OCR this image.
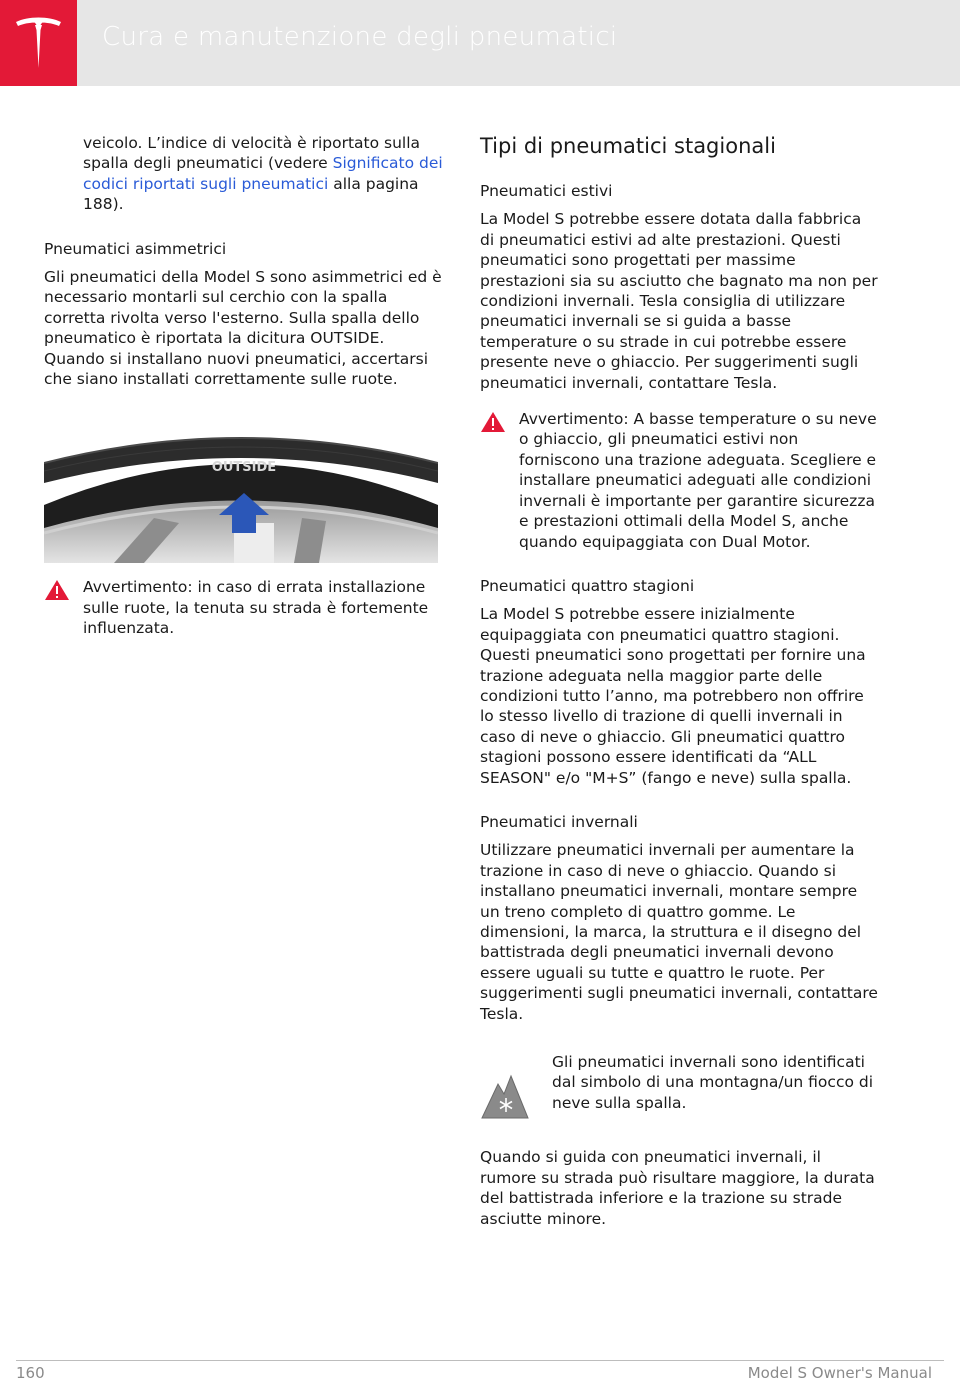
Cura e manutenzione degli pneumatici

veicolo. L’indice di velocità è riportato sulla spalla degli pneumatici (vedere Significato dei codici riportati sugli pneumatici alla pagina 188).

Pneumatici asimmetrici

Gli pneumatici della Model S sono asimmetrici ed è necessario montarli sul cerchio con la spalla corretta rivolta verso l'esterno. Sulla spalla dello pneumatico è riportata la dicitura OUTSIDE. Quando si installano nuovi pneumatici, accertarsi che siano installati correttamente sulle ruote.

OUTSIDE
Avvertimento: in caso di errata installazione sulle ruote, la tenuta su strada è fortemente influenzata.

Tipi di pneumatici stagionali

Pneumatici estivi

La Model S potrebbe essere dotata dalla fabbrica di pneumatici estivi ad alte prestazioni. Questi pneumatici sono progettati per massime prestazioni sia su asciutto che bagnato ma non per condizioni invernali. Tesla consiglia di utilizzare pneumatici invernali se si guida a basse temperature o su strade in cui potrebbe essere presente neve o ghiaccio. Per suggerimenti sugli pneumatici invernali, contattare Tesla.

Avvertimento: A basse temperature o su neve o ghiaccio, gli pneumatici estivi non forniscono una trazione adeguata. Scegliere e installare pneumatici adeguati alle condizioni invernali è importante per garantire sicurezza e prestazioni ottimali della Model S, anche quando equipaggiata con Dual Motor.

Pneumatici quattro stagioni

La Model S potrebbe essere inizialmente equipaggiata con pneumatici quattro stagioni. Questi pneumatici sono progettati per fornire una trazione adeguata nella maggior parte delle condizioni tutto l’anno, ma potrebbero non offrire lo stesso livello di trazione di quelli invernali in caso di neve o ghiaccio. Gli pneumatici quattro stagioni possono essere identificati da “ALL SEASON" e/o "M+S” (fango e neve) sulla spalla.

Pneumatici invernali

Utilizzare pneumatici invernali per aumentare la trazione in caso di neve o ghiaccio. Quando si installano pneumatici invernali, montare sempre un treno completo di quattro gomme. Le dimensioni, la marca, la struttura e il disegno del battistrada degli pneumatici invernali devono essere uguali su tutte e quattro le ruote. Per suggerimenti sugli pneumatici invernali, contattare Tesla.

Gli pneumatici invernali sono identificati dal simbolo di una montagna/un fiocco di neve sulla spalla.

Quando si guida con pneumatici invernali, il rumore su strada può risultare maggiore, la durata del battistrada inferiore e la trazione su strade asciutte minore.

160	Model S Owner's Manual
